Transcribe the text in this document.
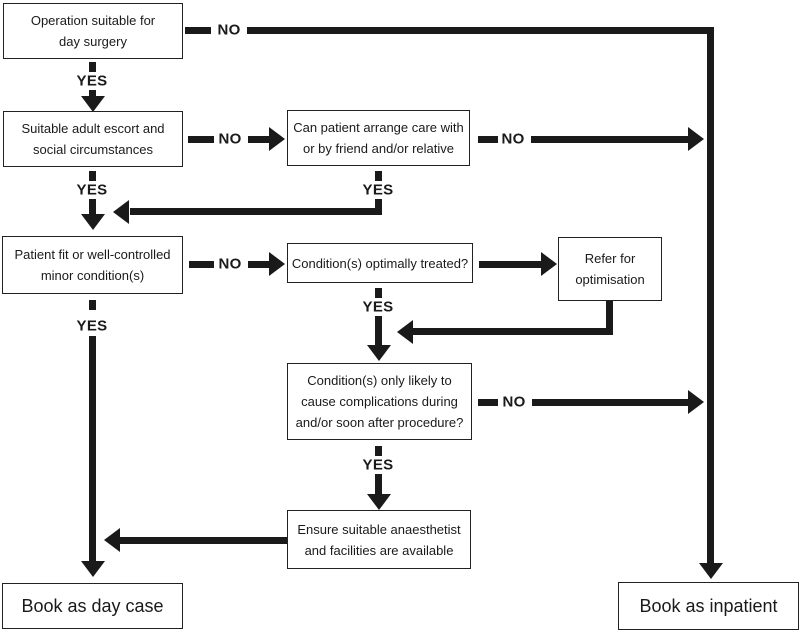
Operation suitable for
day surgery
Suitable adult escort and
social circumstances
Can patient arrange care with
or by friend and/or relative
Patient fit or well-controlled
minor condition(s)
Condition(s) optimally treated?	Refer for
optimisation
Condition(s) only likely to
cause complications during
and/or soon after procedure?
Ensure suitable anaesthetist
and facilities are available
Book as day case	Book as inpatient
NO
YES
NO	NO
YES
YES
NO
YES
NO
YES
YES
